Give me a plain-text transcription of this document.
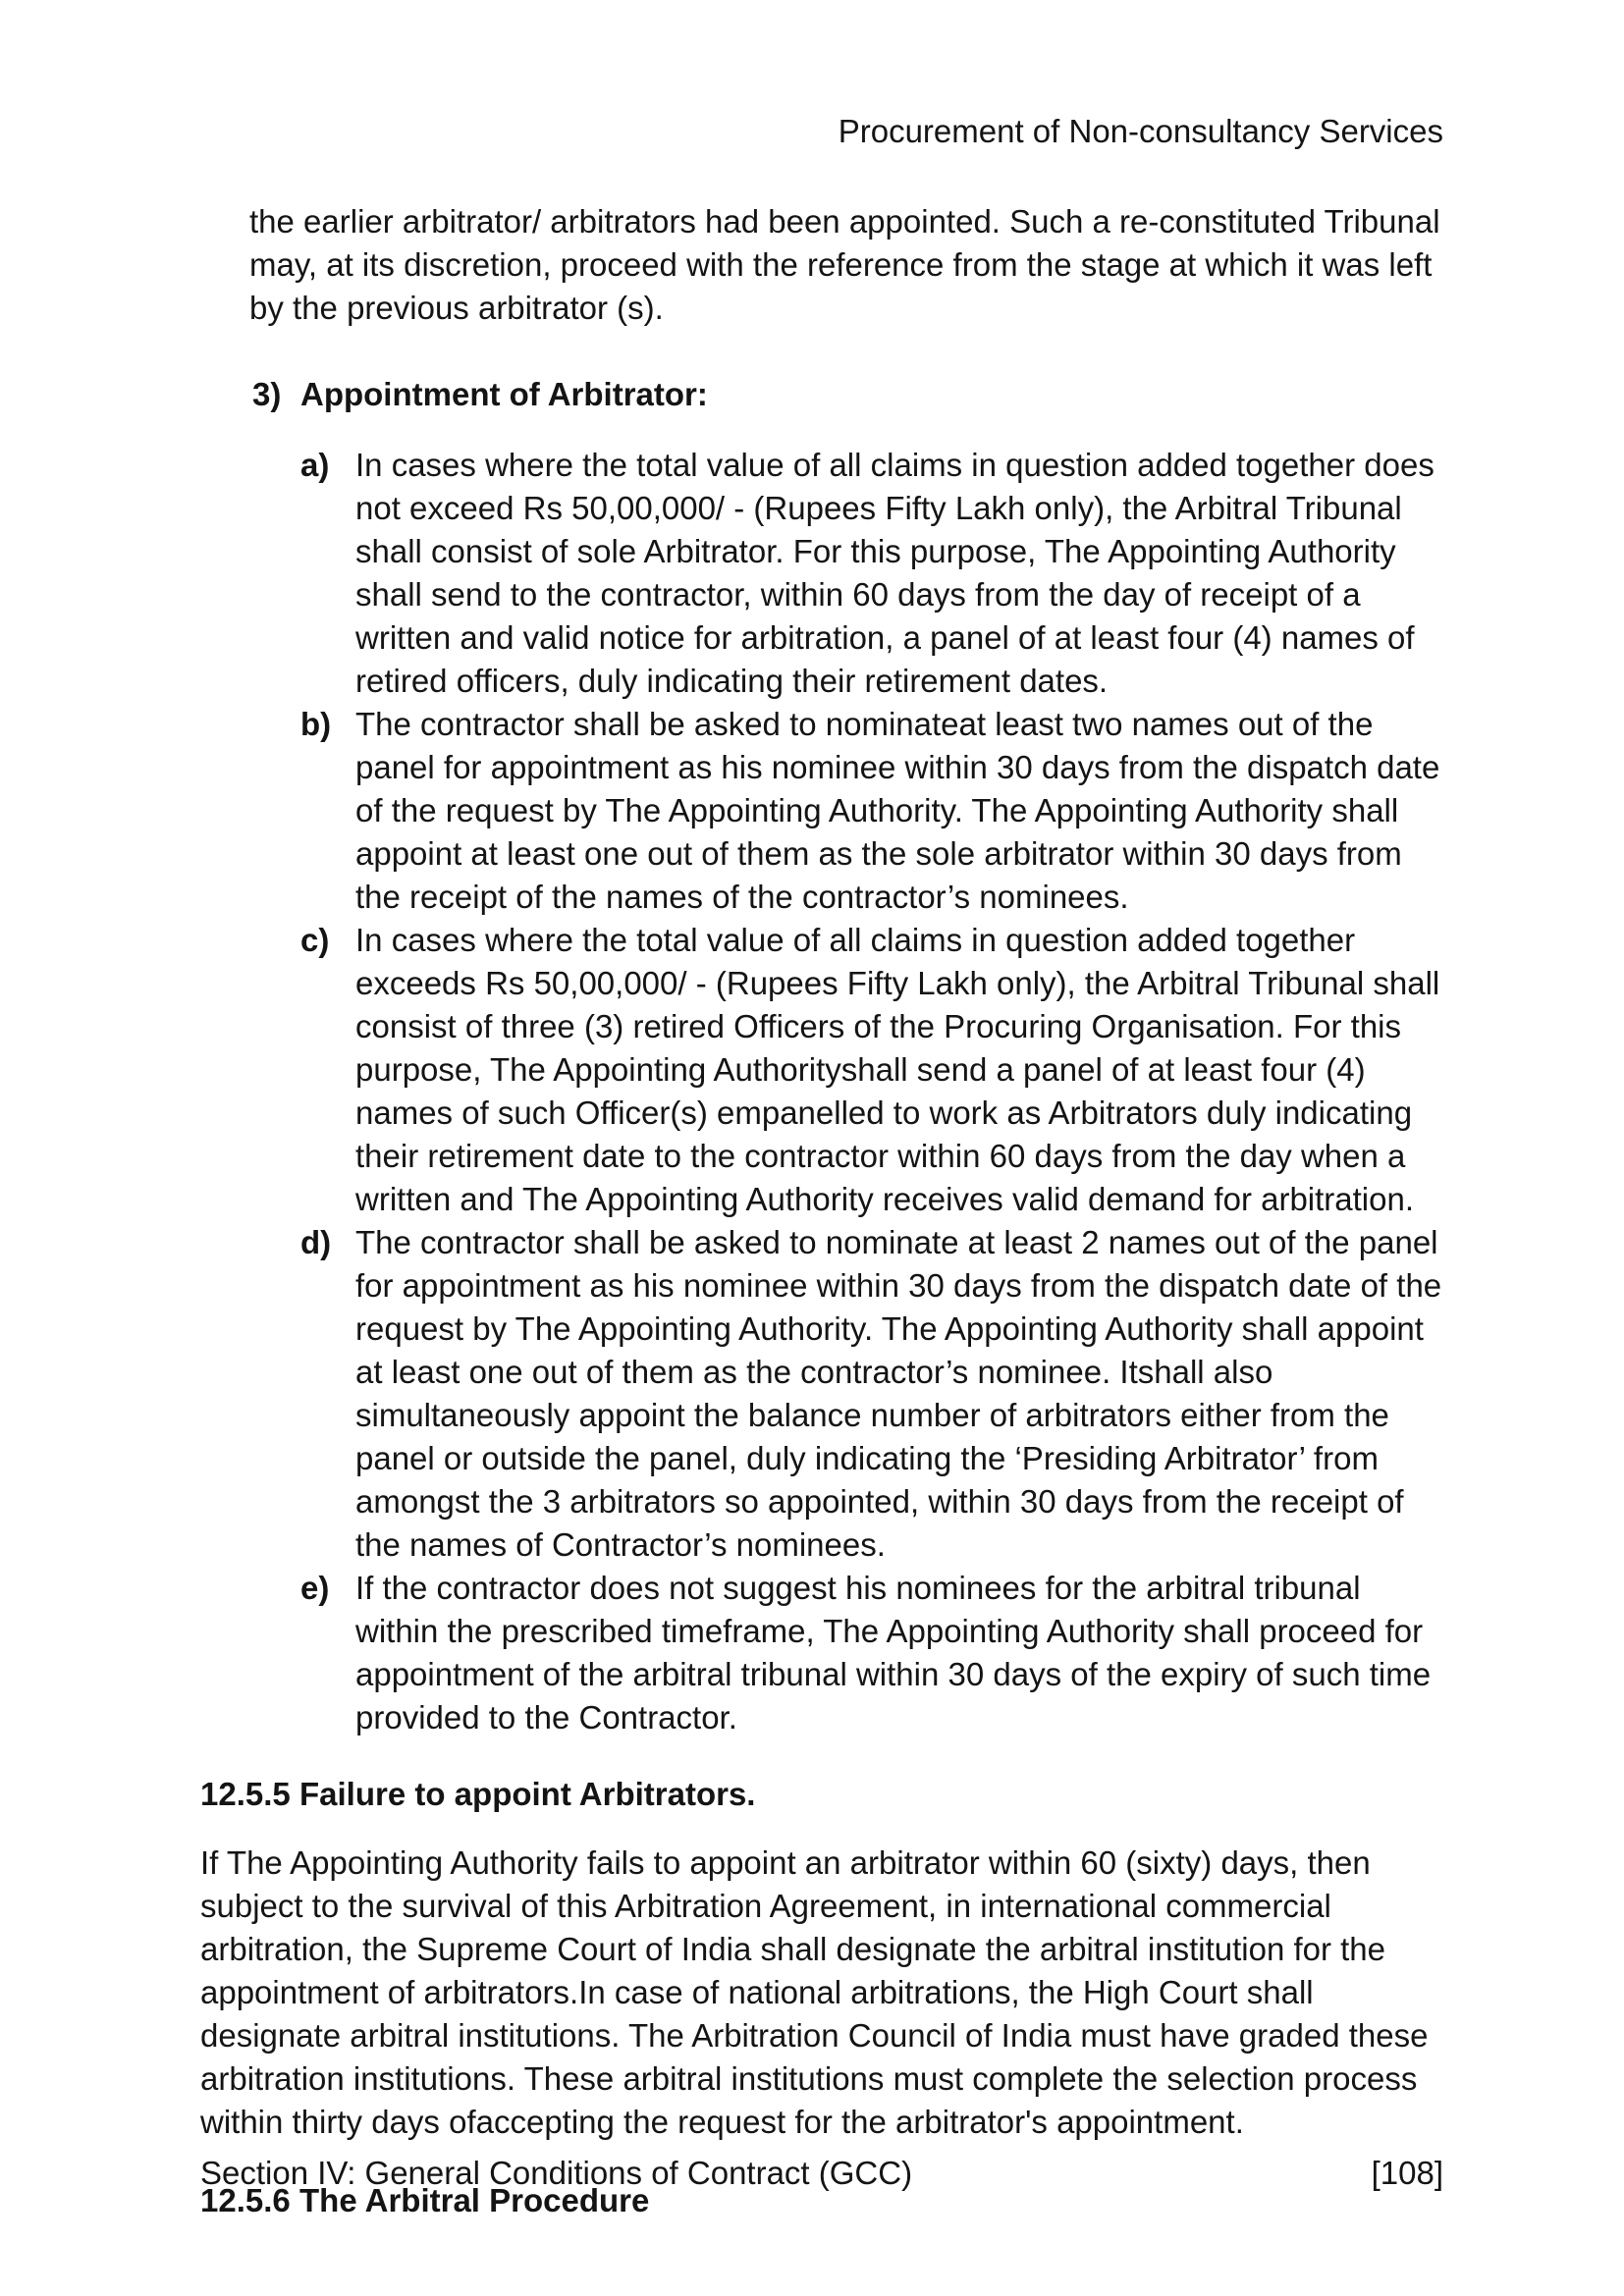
Procurement of Non-consultancy Services

the earlier arbitrator/ arbitrators had been appointed. Such a re-constituted Tribunal may, at its discretion, proceed with the reference from the stage at which it was left by the previous arbitrator (s).

3) Appointment of Arbitrator:
a) In cases where the total value of all claims in question added together does not exceed Rs 50,00,000/ - (Rupees Fifty Lakh only), the Arbitral Tribunal shall consist of sole Arbitrator. For this purpose, The Appointing Authority shall send to the contractor, within 60 days from the day of receipt of a written and valid notice for arbitration, a panel of at least four (4) names of retired officers, duly indicating their retirement dates.
b) The contractor shall be asked to nominateat least two names out of the panel for appointment as his nominee within 30 days from the dispatch date of the request by The Appointing Authority. The Appointing Authority shall appoint at least one out of them as the sole arbitrator within 30 days from the receipt of the names of the contractor’s nominees.
c) In cases where the total value of all claims in question added together exceeds Rs 50,00,000/ - (Rupees Fifty Lakh only), the Arbitral Tribunal shall consist of three (3) retired Officers of the Procuring Organisation. For this purpose, The Appointing Authorityshall send a panel of at least four (4) names of such Officer(s) empanelled to work as Arbitrators duly indicating their retirement date to the contractor within 60 days from the day when a written and The Appointing Authority receives valid demand for arbitration.
d) The contractor shall be asked to nominate at least 2 names out of the panel for appointment as his nominee within 30 days from the dispatch date of the request by The Appointing Authority. The Appointing Authority shall appoint at least one out of them as the contractor’s nominee. Itshall also simultaneously appoint the balance number of arbitrators either from the panel or outside the panel, duly indicating the ‘Presiding Arbitrator’ from amongst the 3 arbitrators so appointed, within 30 days from the receipt of the names of Contractor’s nominees.
e) If the contractor does not suggest his nominees for the arbitral tribunal within the prescribed timeframe, The Appointing Authority shall proceed for appointment of the arbitral tribunal within 30 days of the expiry of such time provided to the Contractor.
12.5.5 Failure to appoint Arbitrators.

If The Appointing Authority fails to appoint an arbitrator within 60 (sixty) days, then subject to the survival of this Arbitration Agreement, in international commercial arbitration, the Supreme Court of India shall designate the arbitral institution for the appointment of arbitrators.In case of national arbitrations, the High Court shall designate arbitral institutions. The Arbitration Council of India must have graded these arbitration institutions. These arbitral institutions must complete the selection process within thirty days ofaccepting the request for the arbitrator's appointment.

12.5.6 The Arbitral Procedure
Section IV: General Conditions of Contract (GCC)	[108]
